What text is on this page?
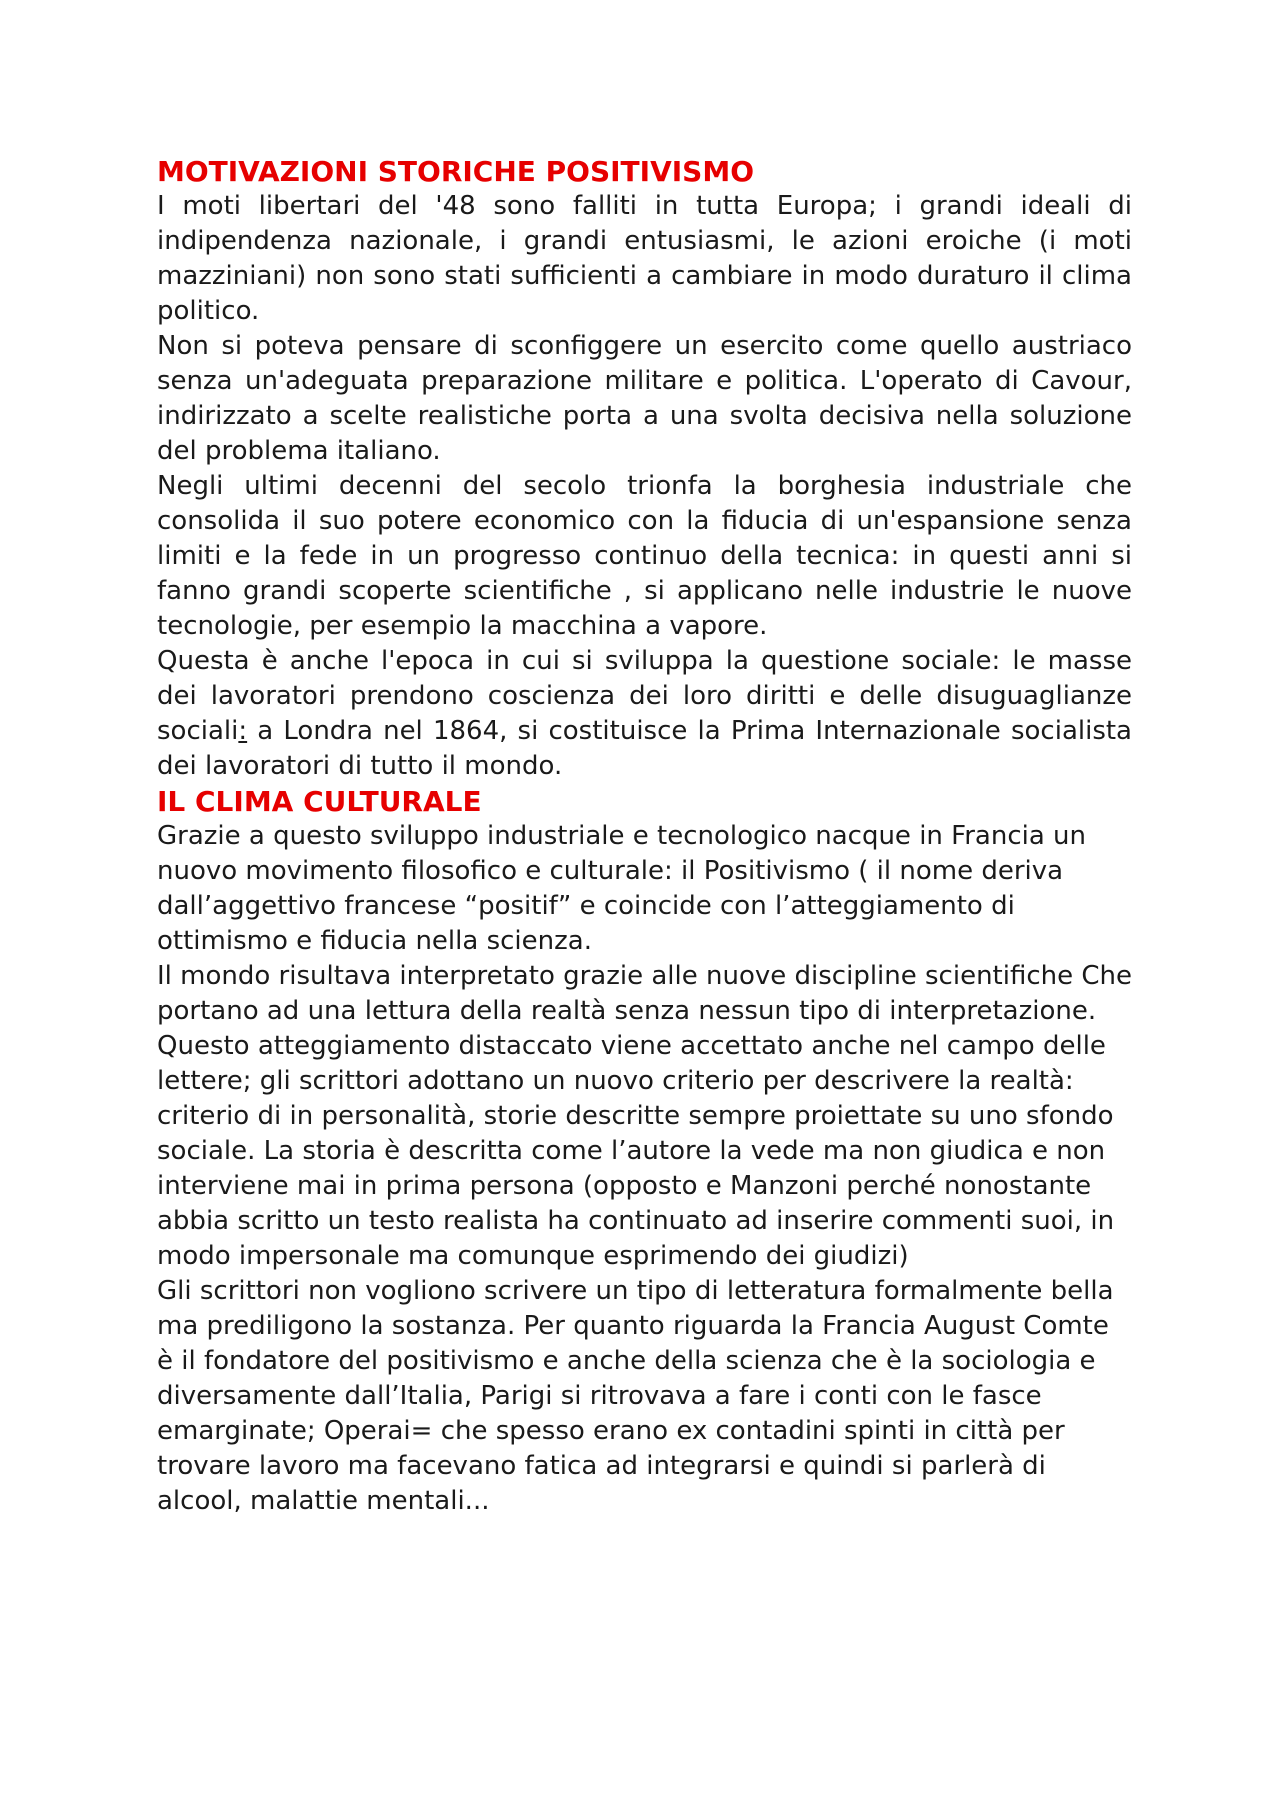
MOTIVAZIONI STORICHE POSITIVISMO

I moti libertari del '48 sono falliti in tutta Europa; i grandi ideali di indipendenza nazionale, i grandi entusiasmi, le azioni eroiche (i moti mazziniani) non sono stati sufficienti a cambiare in modo duraturo il clima politico.

Non si poteva pensare di sconfiggere un esercito come quello austriaco senza un'adeguata preparazione militare e politica. L'operato di Cavour, indirizzato a scelte realistiche porta a una svolta decisiva nella soluzione del problema italiano.

Negli ultimi decenni del secolo trionfa la borghesia industriale che consolida il suo potere economico con la fiducia di un'espansione senza limiti e la fede in un progresso continuo della tecnica: in questi anni si fanno grandi scoperte scientifiche , si applicano nelle industrie le nuove tecnologie, per esempio la macchina a vapore.

Questa è anche l'epoca in cui si sviluppa la questione sociale: le masse dei lavoratori prendono coscienza dei loro diritti e delle disuguaglianze sociali: a Londra nel 1864, si costituisce la Prima Internazionale socialista dei lavoratori di tutto il mondo.

IL CLIMA CULTURALE

Grazie a questo sviluppo industriale e tecnologico nacque in Francia un nuovo movimento filosofico e culturale: il Positivismo ( il nome deriva dall’aggettivo francese “positif” e coincide con l’atteggiamento di ottimismo e fiducia nella scienza.

Il mondo risultava interpretato grazie alle nuove discipline scientifiche Che portano ad una lettura della realtà senza nessun tipo di interpretazione. Questo atteggiamento distaccato viene accettato anche nel campo delle lettere; gli scrittori adottano un nuovo criterio per descrivere la realtà: criterio di in personalità, storie descritte sempre proiettate su uno sfondo sociale. La storia è descritta come l’autore la vede ma non giudica e non interviene mai in prima persona (opposto e Manzoni perché nonostante abbia scritto un testo realista ha continuato ad inserire commenti suoi, in modo impersonale ma comunque esprimendo dei giudizi)

Gli scrittori non vogliono scrivere un tipo di letteratura formalmente bella ma prediligono la sostanza. Per quanto riguarda la Francia August Comte è il fondatore del positivismo e anche della scienza che è la sociologia e diversamente dall’Italia, Parigi si ritrovava a fare i conti con le fasce emarginate; Operai= che spesso erano ex contadini spinti in città per trovare lavoro ma facevano fatica ad integrarsi e quindi si parlerà di alcool, malattie mentali...
